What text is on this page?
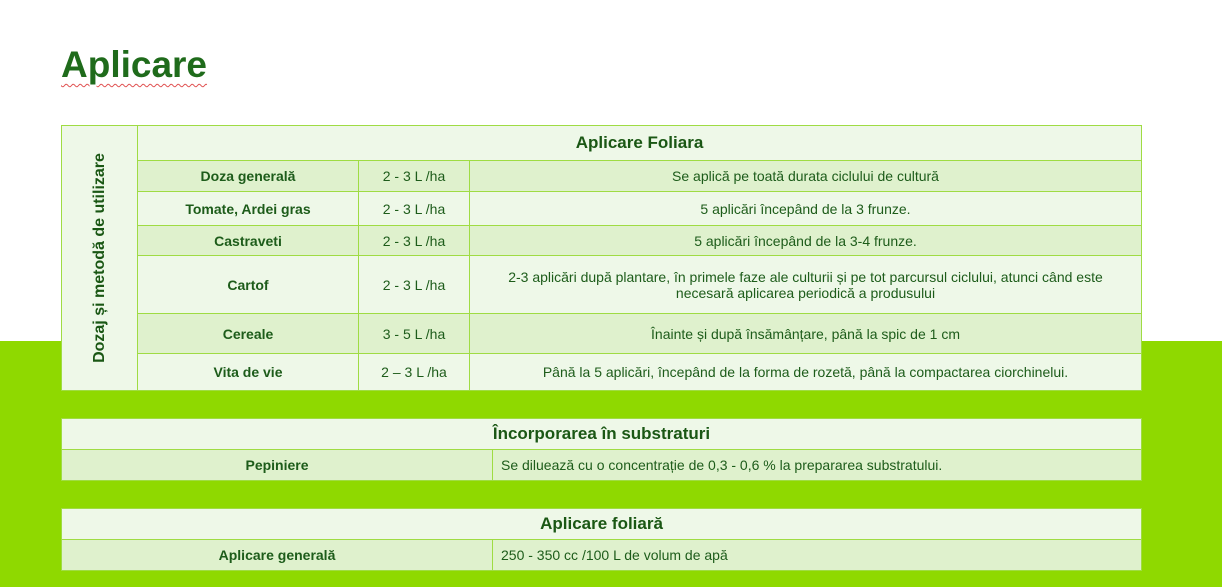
Aplicare
Dozaj și metodă de utilizare	Aplicare Foliara		
	Doza generală	2 - 3 L /ha	Se aplică pe toată durata ciclului de cultură
	Tomate, Ardei gras	2 - 3 L /ha	5 aplicări începând de la 3 frunze.
	Castraveti	2 - 3 L /ha	5 aplicări începând de la 3-4 frunze.
	Cartof	2 - 3 L /ha	2-3 aplicări după plantare, în primele faze ale culturii și pe tot parcursul ciclului, atunci când este necesară aplicarea periodică a produsului
	Cereale	3 - 5 L /ha	Înainte și după însămânțare, până la spic de 1 cm
	Vita de vie	2 – 3 L /ha	Până la 5 aplicări, începând de la forma de rozetă, până la compactarea ciorchinelui.
Încorporarea în substraturi
Pepiniere	Se diluează cu o concentrație de 0,3 - 0,6 % la prepararea substratului.
Aplicare foliară
Aplicare generală	250 - 350 cc /100 L de volum de apă
